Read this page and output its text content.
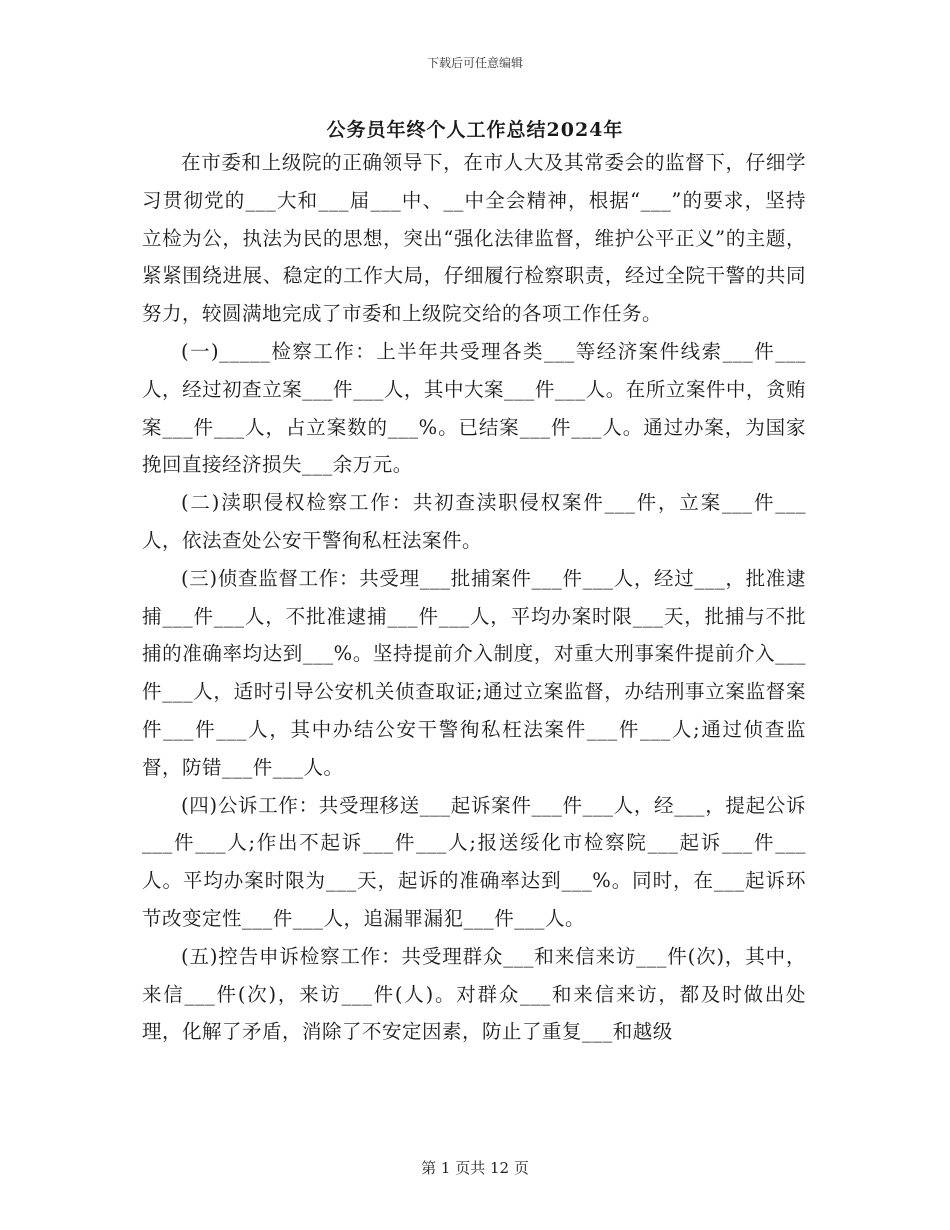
下载后可任意编辑
公务员年终个人工作总结2024年

在市委和上级院的正确领导下，在市人大及其常委会的监督下，仔细学习贯彻党的___大和___届___中、__中全会精神，根据“___”的要求，坚持立检为公，执法为民的思想，突出“强化法律监督，维护公平正义”的主题，紧紧围绕进展、稳定的工作大局，仔细履行检察职责，经过全院干警的共同努力，较圆满地完成了市委和上级院交给的各项工作任务。

(一)_____检察工作：上半年共受理各类___等经济案件线索___件___人，经过初查立案___件___人，其中大案___件___人。在所立案件中，贪贿案___件___人，占立案数的___%。已结案___件___人。通过办案，为国家挽回直接经济损失___余万元。

(二)渎职侵权检察工作：共初查渎职侵权案件___件，立案___件___人，依法查处公安干警徇私枉法案件。

(三)侦查监督工作：共受理___批捕案件___件___人，经过___，批准逮捕___件___人，不批准逮捕___件___人，平均办案时限___天，批捕与不批捕的准确率均达到___%。坚持提前介入制度，对重大刑事案件提前介入___件___人，适时引导公安机关侦查取证;通过立案监督，办结刑事立案监督案件___件___人，其中办结公安干警徇私枉法案件___件___人;通过侦查监督，防错___件___人。

(四)公诉工作：共受理移送___起诉案件___件___人，经___，提起公诉___件___人;作出不起诉___件___人;报送绥化市检察院___起诉___件___人。平均办案时限为___天，起诉的准确率达到___%。同时，在___起诉环节改变定性___件___人，追漏罪漏犯___件___人。

(五)控告申诉检察工作：共受理群众___和来信来访___件(次)，其中，来信___件(次)，来访___件(人)。对群众___和来信来访，都及时做出处理，化解了矛盾，消除了不安定因素，防止了重复___和越级

第 1 页共 12 页
